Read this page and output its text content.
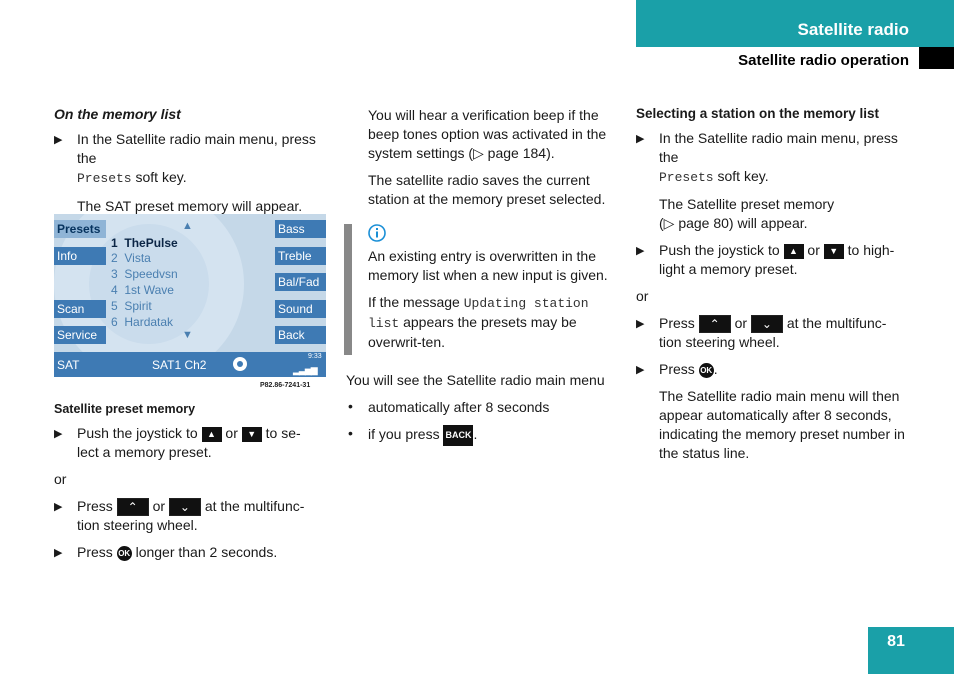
Satellite radio
Satellite radio operation
On the memory list
▶ In the Satellite radio main menu, press the
Presets soft key.

The SAT preset memory will appear.

Presets
Info
Scan
Service
Bass
Treble
Bal/Fad
Sound
Back
▲
▼
1 ThePulse
2 Vista
3 Speedvsn
4 1st Wave
5 Spirit
6 Hardatak
SAT	SAT1 Ch2
9:33
▂▃▅▆
P82.86-7241-31
Satellite preset memory
▶ Push the joystick to ▲ or ▼ to se-
lect a memory preset.

or

▶ Press ⌃ or ⌄ at the multifunc-
tion steering wheel.

▶ Press OK longer than 2 seconds.

You will hear a verification beep if the beep tones option was activated in the system settings (▷ page 184).

The satellite radio saves the current station at the memory preset selected.

An existing entry is overwritten in the memory list when a new input is given.

If the message Updating station list appears the presets may be overwrit-ten.

You will see the Satellite radio main menu

• automatically after 8 seconds

• if you press BACK .

Selecting a station on the memory list
▶ In the Satellite radio main menu, press the
Presets soft key.

The Satellite preset memory
(▷ page 80) will appear.

▶ Push the joystick to ▲ or ▼ to high-
light a memory preset.

or

▶ Press ⌃ or ⌄ at the multifunc-
tion steering wheel.

▶ Press OK .

The Satellite radio main menu will then appear automatically after 8 seconds, indicating the memory preset number in the status line.

81
